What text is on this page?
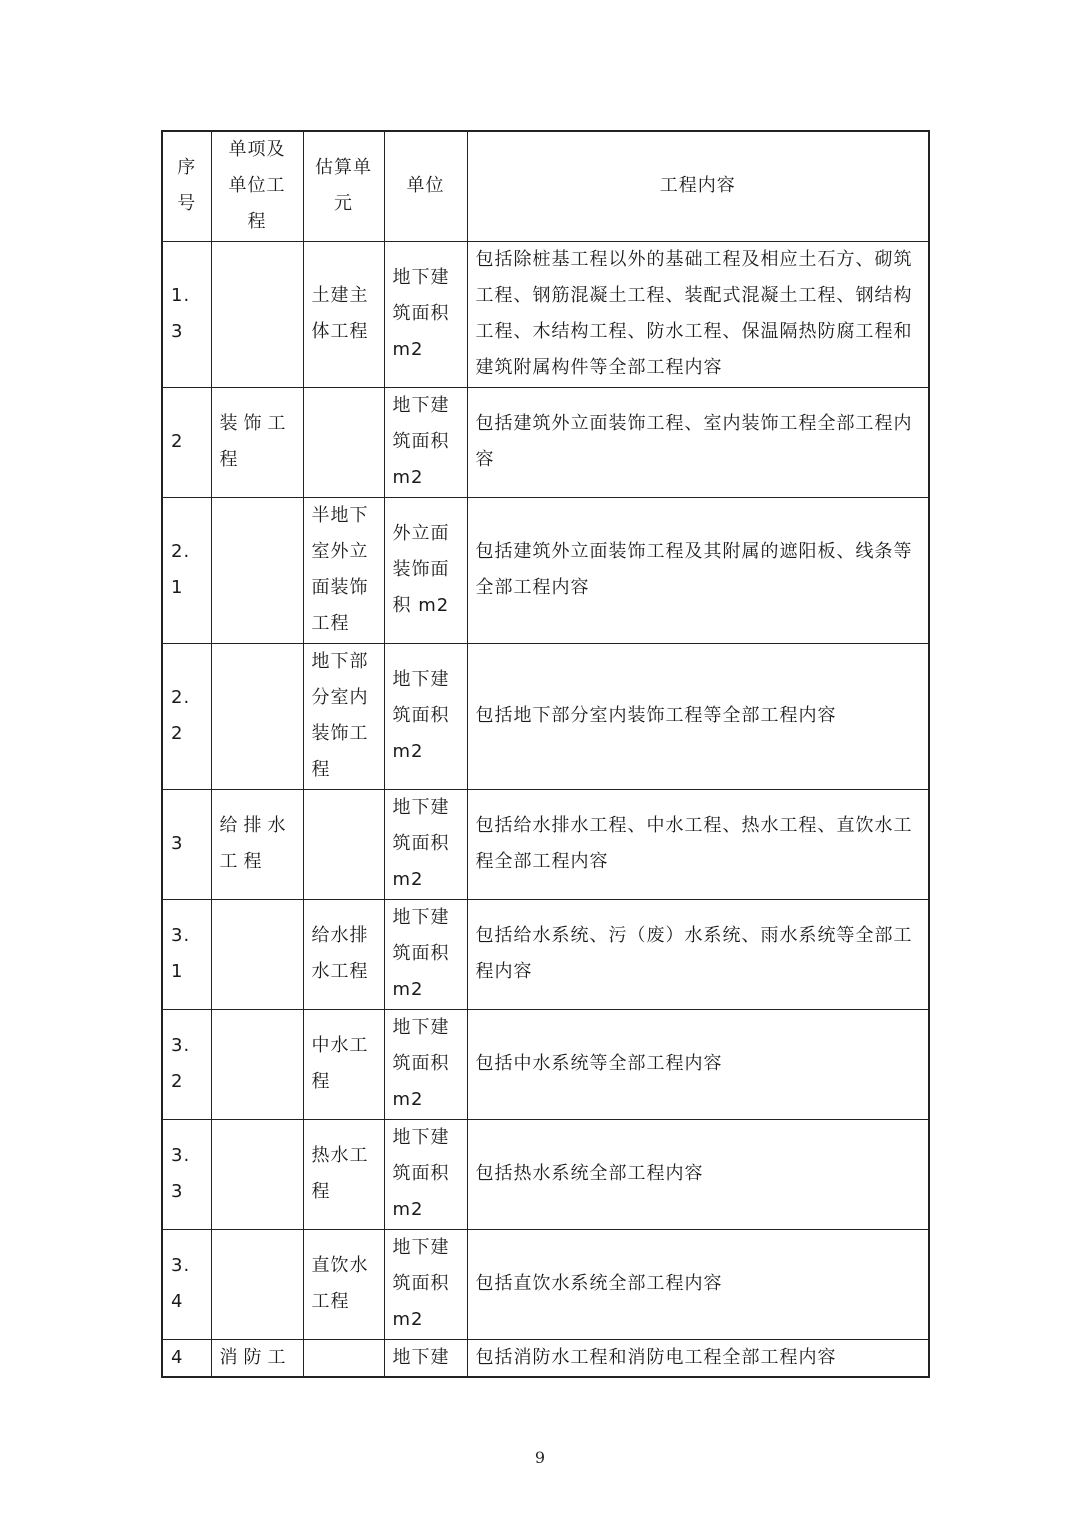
序
号	单项及
单位工
程	估算单
元	单位	工程内容
1.3		土建主
体工程	地下建
筑面积
m2	包括除桩基工程以外的基础工程及相应土石方、砌筑工程、钢筋混凝土工程、装配式混凝土工程、钢结构工程、木结构工程、防水工程、保温隔热防腐工程和建筑附属构件等全部工程内容
2	装饰工
程		地下建
筑面积
m2	包括建筑外立面装饰工程、室内装饰工程全部工程内容
2.1		半地下
室外立
面装饰
工程	外立面
装饰面
积 m2	包括建筑外立面装饰工程及其附属的遮阳板、线条等全部工程内容
2.2		地下部
分室内
装饰工
程	地下建
筑面积
m2	包括地下部分室内装饰工程等全部工程内容
3	给排水
工程		地下建
筑面积
m2	包括给水排水工程、中水工程、热水工程、直饮水工程全部工程内容
3.1		给水排
水工程	地下建
筑面积
m2	包括给水系统、污（废）水系统、雨水系统等全部工程内容
3.2		中水工
程	地下建
筑面积
m2	包括中水系统等全部工程内容
3.3		热水工
程	地下建
筑面积
m2	包括热水系统全部工程内容
3.4		直饮水
工程	地下建
筑面积
m2	包括直饮水系统全部工程内容
4	消防工		地下建	包括消防水工程和消防电工程全部工程内容
9
